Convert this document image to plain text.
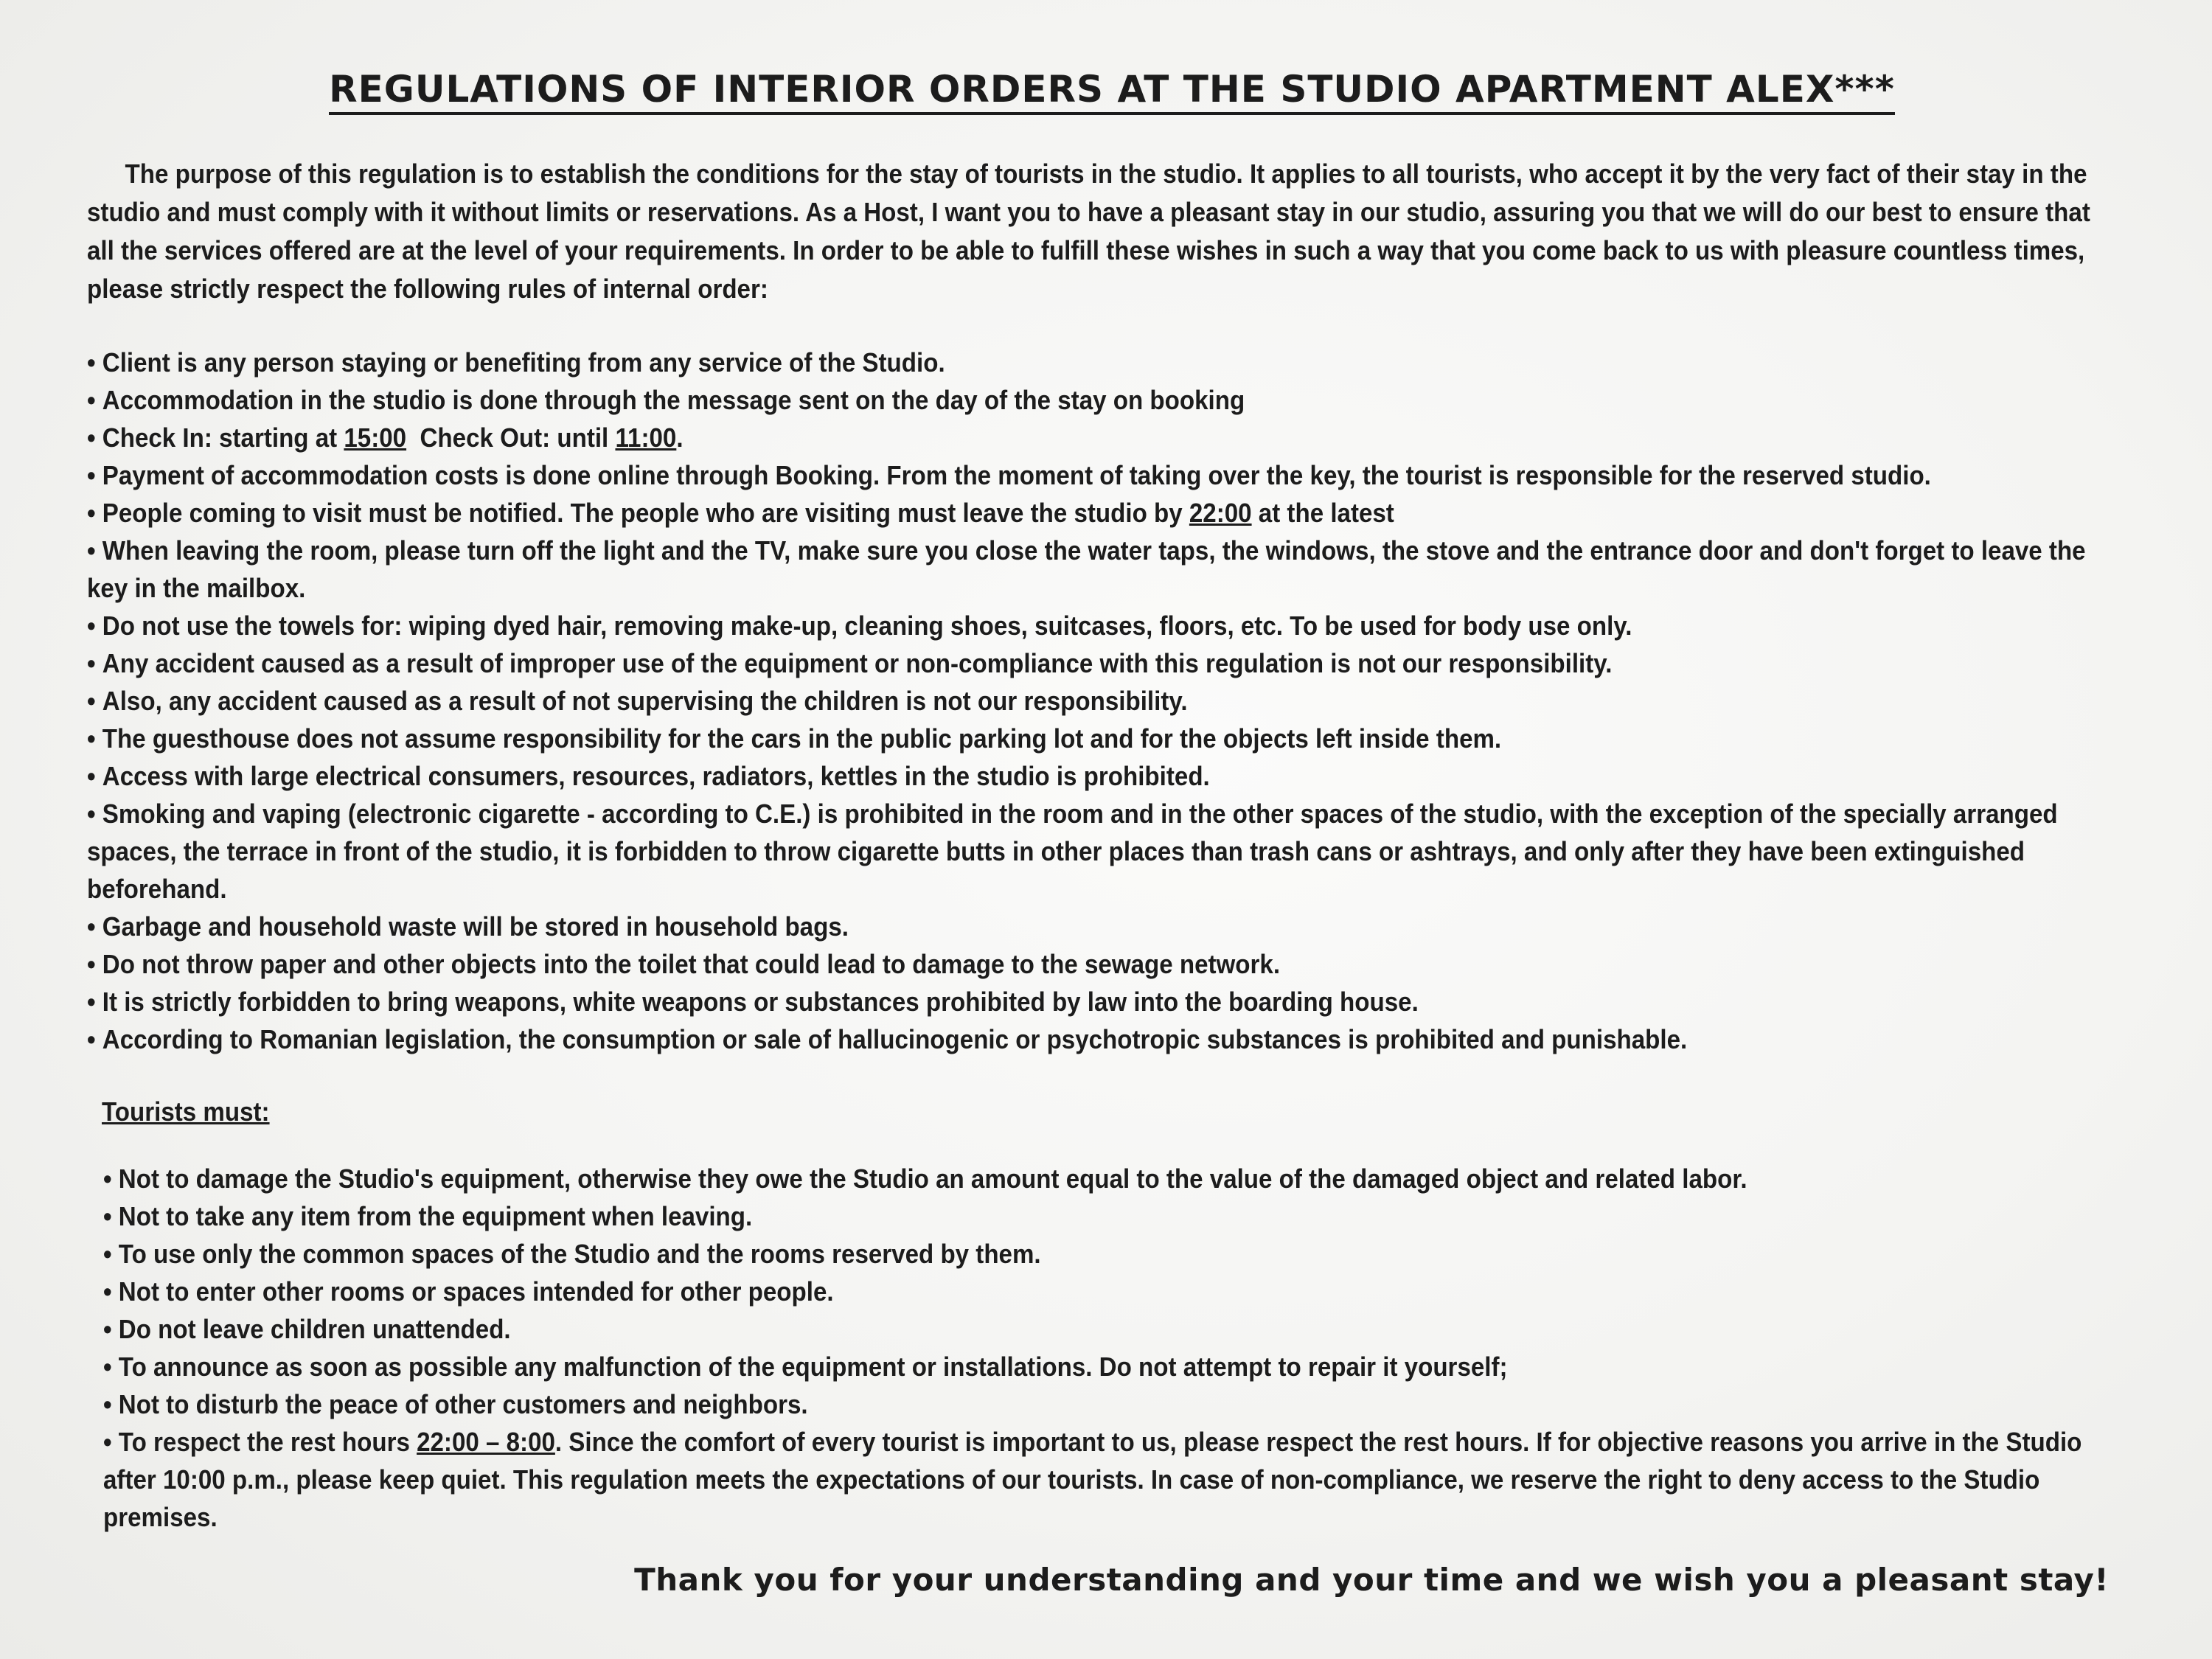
REGULATIONS OF INTERIOR ORDERS AT THE STUDIO APARTMENT ALEX***

The purpose of this regulation is to establish the conditions for the stay of tourists in the studio. It applies to all tourists, who accept it by the very fact of their stay in the studio and must comply with it without limits or reservations. As a Host, I want you to have a pleasant stay in our studio, assuring you that we will do our best to ensure that all the services offered are at the level of your requirements. In order to be able to fulfill these wishes in such a way that you come back to us with pleasure countless times, please strictly respect the following rules of internal order:

• Client is any person staying or benefiting from any service of the Studio.
• Accommodation in the studio is done through the message sent on the day of the stay on booking
• Check In: starting at 15:00  Check Out: until 11:00.
• Payment of accommodation costs is done online through Booking. From the moment of taking over the key, the tourist is responsible for the reserved studio.
• People coming to visit must be notified. The people who are visiting must leave the studio by 22:00 at the latest
• When leaving the room, please turn off the light and the TV, make sure you close the water taps, the windows, the stove and the entrance door and don't forget to leave the key in the mailbox.
• Do not use the towels for: wiping dyed hair, removing make-up, cleaning shoes, suitcases, floors, etc. To be used for body use only.
• Any accident caused as a result of improper use of the equipment or non-compliance with this regulation is not our responsibility.
• Also, any accident caused as a result of not supervising the children is not our responsibility.
• The guesthouse does not assume responsibility for the cars in the public parking lot and for the objects left inside them.
• Access with large electrical consumers, resources, radiators, kettles in the studio is prohibited.
• Smoking and vaping (electronic cigarette - according to C.E.) is prohibited in the room and in the other spaces of the studio, with the exception of the specially arranged spaces, the terrace in front of the studio, it is forbidden to throw cigarette butts in other places than trash cans or ashtrays, and only after they have been extinguished beforehand.
• Garbage and household waste will be stored in household bags.
• Do not throw paper and other objects into the toilet that could lead to damage to the sewage network.
• It is strictly forbidden to bring weapons, white weapons or substances prohibited by law into the boarding house.
• According to Romanian legislation, the consumption or sale of hallucinogenic or psychotropic substances is prohibited and punishable.
Tourists must:
• Not to damage the Studio's equipment, otherwise they owe the Studio an amount equal to the value of the damaged object and related labor.
• Not to take any item from the equipment when leaving.
• To use only the common spaces of the Studio and the rooms reserved by them.
• Not to enter other rooms or spaces intended for other people.
• Do not leave children unattended.
• To announce as soon as possible any malfunction of the equipment or installations. Do not attempt to repair it yourself;
• Not to disturb the peace of other customers and neighbors.
• To respect the rest hours 22:00 – 8:00. Since the comfort of every tourist is important to us, please respect the rest hours. If for objective reasons you arrive in the Studio after 10:00 p.m., please keep quiet. This regulation meets the expectations of our tourists. In case of non-compliance, we reserve the right to deny access to the Studio premises.
Thank you for your understanding and your time and we wish you a pleasant stay!
